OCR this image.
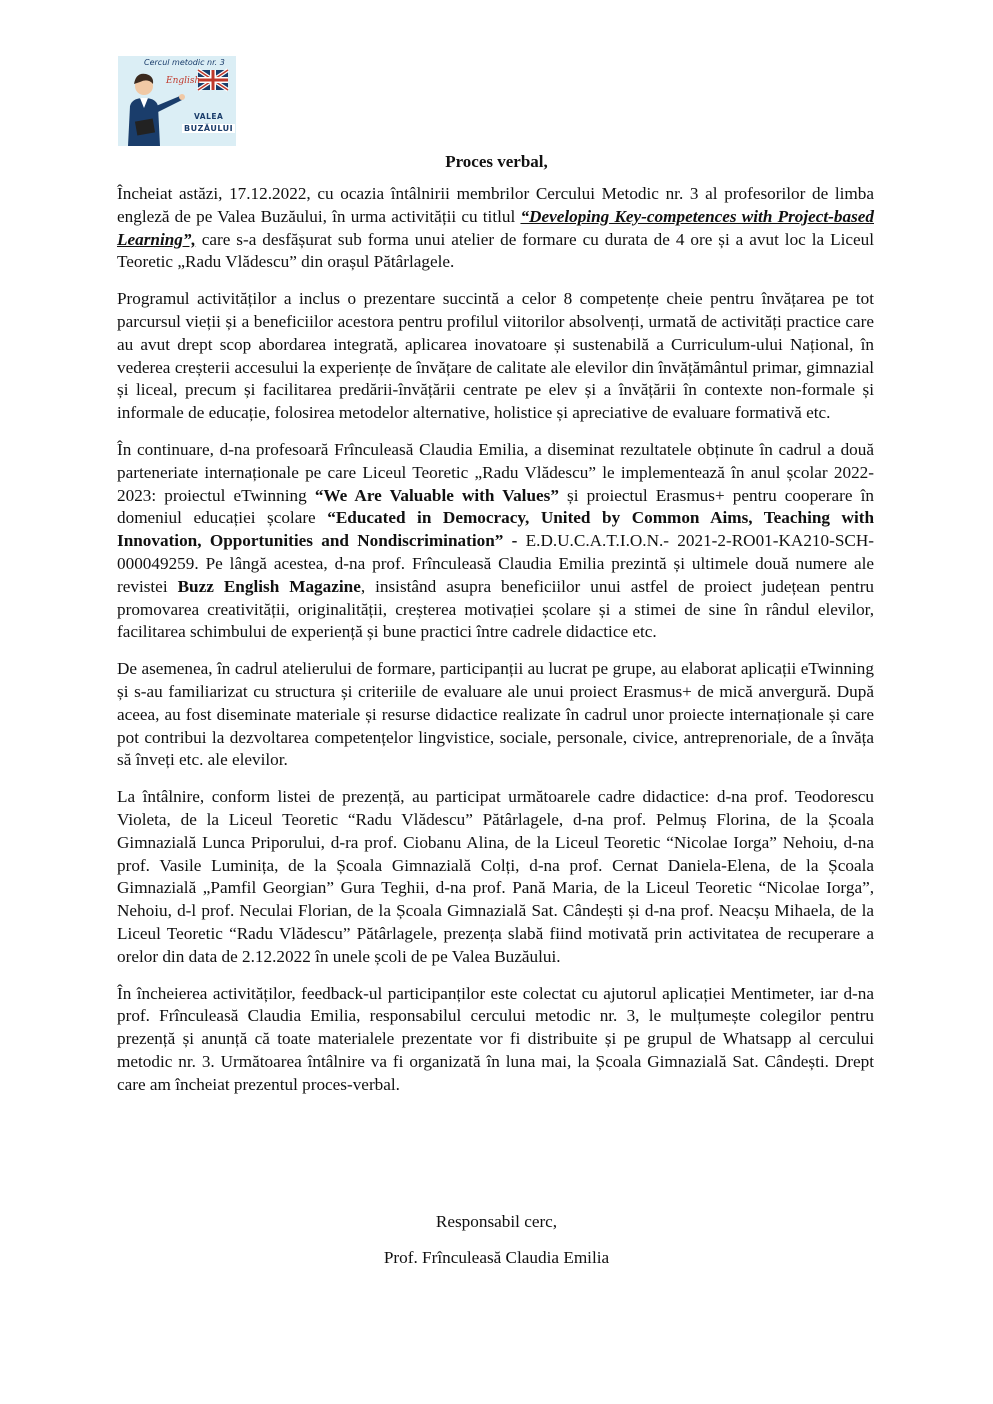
Cercul metodic nr. 3
English
VALEA
BUZĂULUI
Proces verbal,

Încheiat astăzi, 17.12.2022, cu ocazia întâlnirii membrilor Cercului Metodic nr. 3 al profesorilor de limba engleză de pe Valea Buzăului, în urma activității cu titlul “Developing Key-competences with Project-based Learning”, care s-a desfășurat sub forma unui atelier de formare cu durata de 4 ore și a avut loc la Liceul Teoretic „Radu Vlădescu” din orașul Pătârlagele.

Programul activităților a inclus o prezentare succintă a celor 8 competențe cheie pentru învățarea pe tot parcursul vieții și a beneficiilor acestora pentru profilul viitorilor absolvenți, urmată de activități practice care au avut drept scop abordarea integrată, aplicarea inovatoare și sustenabilă a Curriculum-ului Național, în vederea creșterii accesului la experiențe de învățare de calitate ale elevilor din învățământul primar, gimnazial și liceal, precum și facilitarea predării-învățării centrate pe elev și a învățării în contexte non-formale și informale de educație, folosirea metodelor alternative, holistice și apreciative de evaluare formativă etc.

În continuare, d-na profesoară Frînculeasă Claudia Emilia, a diseminat rezultatele obținute în cadrul a două parteneriate internaționale pe care Liceul Teoretic „Radu Vlădescu” le implementează în anul școlar 2022-2023: proiectul eTwinning “We Are Valuable with Values” și proiectul Erasmus+ pentru cooperare în domeniul educației școlare “Educated in Democracy, United by Common Aims, Teaching with Innovation, Opportunities and Nondiscrimination” - E.D.U.C.A.T.I.O.N.- 2021-2-RO01-KA210-SCH-000049259. Pe lângă acestea, d-na prof. Frînculeasă Claudia Emilia prezintă și ultimele două numere ale revistei Buzz English Magazine, insistând asupra beneficiilor unui astfel de proiect județean pentru promovarea creativității, originalității, creșterea motivației școlare și a stimei de sine în rândul elevilor, facilitarea schimbului de experiență și bune practici între cadrele didactice etc.

De asemenea, în cadrul atelierului de formare, participanții au lucrat pe grupe, au elaborat aplicații eTwinning și s-au familiarizat cu structura și criteriile de evaluare ale unui proiect Erasmus+ de mică anvergură. După aceea, au fost diseminate materiale și resurse didactice realizate în cadrul unor proiecte internaționale și care pot contribui la dezvoltarea competențelor lingvistice, sociale, personale, civice, antreprenoriale, de a învăța să înveți etc. ale elevilor.

La întâlnire, conform listei de prezență, au participat următoarele cadre didactice: d-na prof. Teodorescu Violeta, de la Liceul Teoretic “Radu Vlădescu” Pătârlagele, d-na prof. Pelmuș Florina, de la Școala Gimnazială Lunca Priporului, d-ra prof. Ciobanu Alina, de la Liceul Teoretic “Nicolae Iorga” Nehoiu, d-na prof. Vasile Luminița, de la Școala Gimnazială Colți, d-na prof. Cernat Daniela-Elena, de la Școala Gimnazială „Pamfil Georgian” Gura Teghii, d-na prof. Pană Maria, de la Liceul Teoretic “Nicolae Iorga”, Nehoiu, d-l prof. Neculai Florian, de la Școala Gimnazială Sat. Cândești și d-na prof. Neacșu Mihaela, de la Liceul Teoretic “Radu Vlădescu” Pătârlagele, prezența slabă fiind motivată prin activitatea de recuperare a orelor din data de 2.12.2022 în unele școli de pe Valea Buzăului.

În încheierea activităților, feedback-ul participanților este colectat cu ajutorul aplicației Mentimeter, iar d-na prof. Frînculeasă Claudia Emilia, responsabilul cercului metodic nr. 3, le mulțumește colegilor pentru prezență și anunță că toate materialele prezentate vor fi distribuite și pe grupul de Whatsapp al cercului metodic nr. 3. Următoarea întâlnire va fi organizată în luna mai, la Școala Gimnazială Sat. Cândești. Drept care am încheiat prezentul proces-verbal.

Responsabil cerc,
Prof. Frînculeasă Claudia Emilia
